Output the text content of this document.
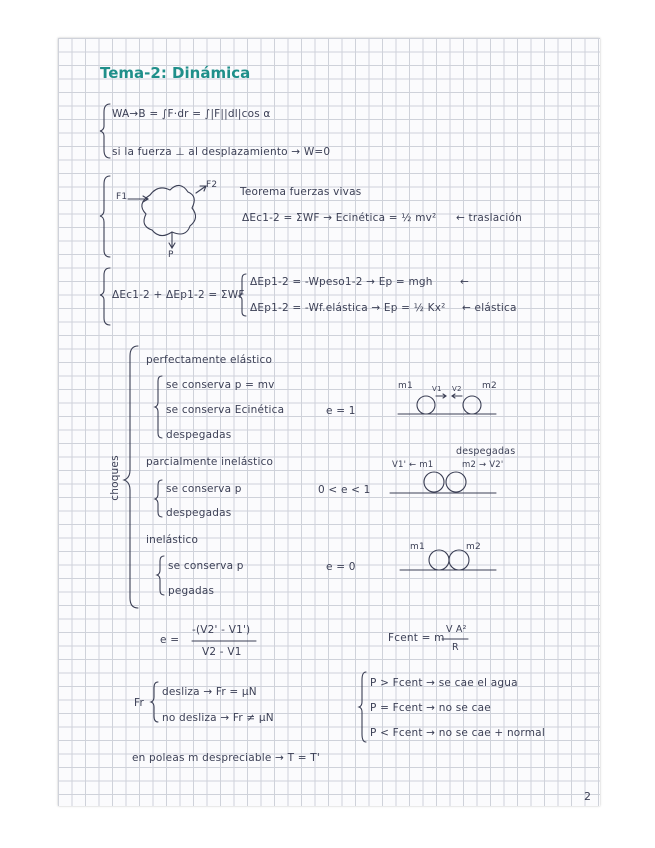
Tema-2: Dinámica
WA→B = ∫F·dr = ∫|F||dl|cos α
si la fuerza ⊥ al desplazamiento → W=0
F1
F2
P
Teorema fuerzas vivas
ΔEc1-2 = ΣWF → Ecinética = ½ mv² ← traslación
ΔEc1-2 + ΔEp1-2 = ΣWF
ΔEp1-2 = -Wpeso1-2 → Ep = mgh	←
ΔEp1-2 = -Wf.elástica → Ep = ½ Kx² ← elástica
choques
perfectamente elástico
se conserva p = mv
se conserva Ecinética
despegadas
e = 1
m1	m2
V1 V2
parcialmente inelástico
se conserva p
despegadas
0 < e < 1
despegadas
V1' ← m1	m2 → V2'
inelástico
se conserva p
pegadas
e = 0
m1	m2
e =
-(V2' - V1')
V2 - V1
Fcent = m
V A²
R
Fr
desliza → Fr = μN
no desliza → Fr ≠ μN
P > Fcent → se cae el agua
P = Fcent → no se cae
P < Fcent → no se cae + normal
en poleas m despreciable → T = T'
2
